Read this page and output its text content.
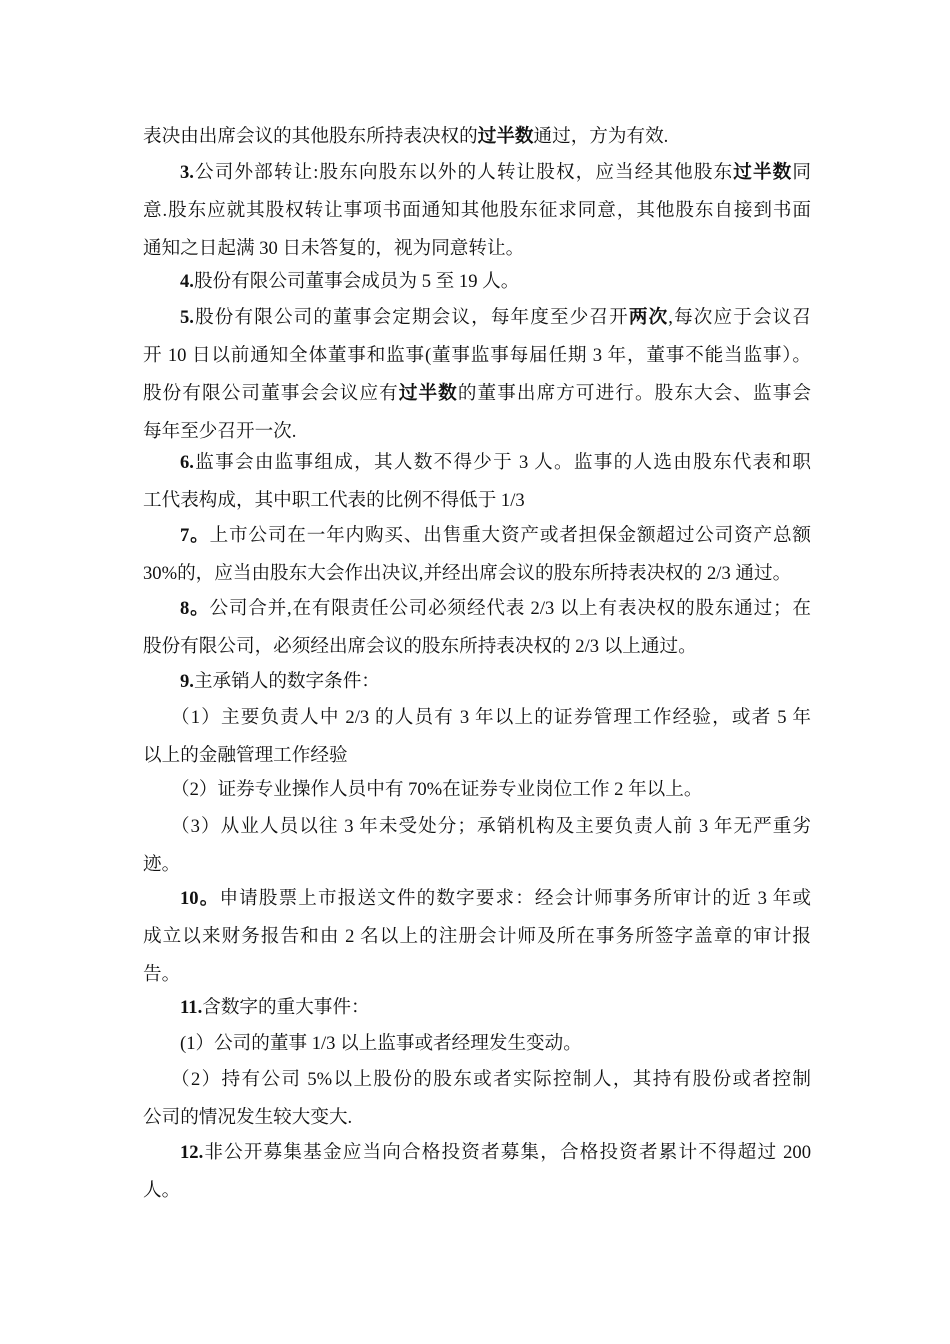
表决由出席会议的其他股东所持表决权的过半数通过，方为有效.

3.公司外部转让:股东向股东以外的人转让股权，应当经其他股东过半数同
意.股东应就其股权转让事项书面通知其他股东征求同意，其他股东自接到书面
通知之日起满 30 日未答复的，视为同意转让。

4.股份有限公司董事会成员为 5 至 19 人。

5.股份有限公司的董事会定期会议，每年度至少召开两次,每次应于会议召
开 10 日以前通知全体董事和监事(董事监事每届任期 3 年，董事不能当监事）。
股份有限公司董事会会议应有过半数的董事出席方可进行。股东大会、监事会
每年至少召开一次.

6.监事会由监事组成，其人数不得少于 3 人。监事的人选由股东代表和职
工代表构成，其中职工代表的比例不得低于 1/3

7。上市公司在一年内购买、出售重大资产或者担保金额超过公司资产总额
30%的，应当由股东大会作出决议,并经出席会议的股东所持表决权的 2/3 通过。

8。公司合并,在有限责任公司必须经代表 2/3 以上有表决权的股东通过；在
股份有限公司，必须经出席会议的股东所持表决权的 2/3 以上通过。

9.主承销人的数字条件：

（1）主要负责人中 2/3 的人员有 3 年以上的证券管理工作经验，或者 5 年
以上的金融管理工作经验

（2）证券专业操作人员中有 70%在证券专业岗位工作 2 年以上。

（3）从业人员以往 3 年未受处分；承销机构及主要负责人前 3 年无严重劣
迹。

10。申请股票上市报送文件的数字要求：经会计师事务所审计的近 3 年或
成立以来财务报告和由 2 名以上的注册会计师及所在事务所签字盖章的审计报
告。

11.含数字的重大事件：

(1）公司的董事 1/3 以上监事或者经理发生变动。

（2）持有公司 5%以上股份的股东或者实际控制人，其持有股份或者控制
公司的情况发生较大变大.

12.非公开募集基金应当向合格投资者募集，合格投资者累计不得超过 200
人。
